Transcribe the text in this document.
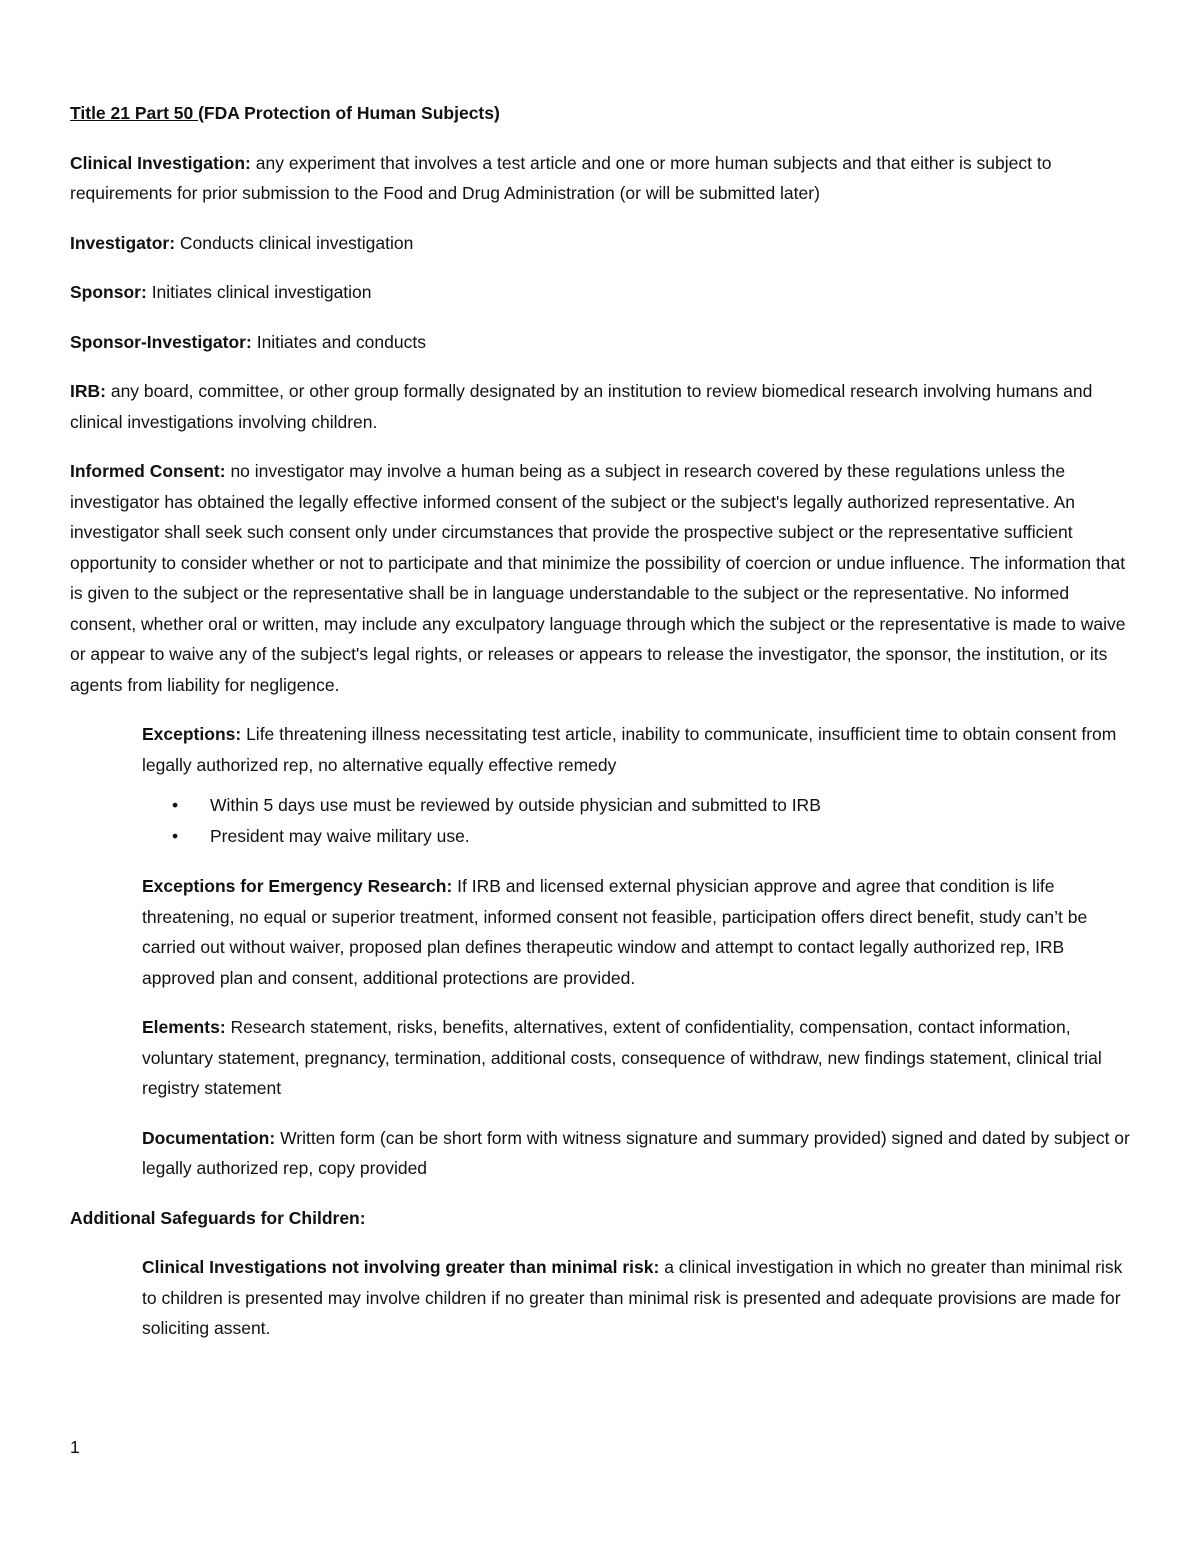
Title 21 Part 50 (FDA Protection of Human Subjects)

Clinical Investigation: any experiment that involves a test article and one or more human subjects and that either is subject to requirements for prior submission to the Food and Drug Administration (or will be submitted later)

Investigator: Conducts clinical investigation

Sponsor: Initiates clinical investigation

Sponsor-Investigator: Initiates and conducts

IRB: any board, committee, or other group formally designated by an institution to review biomedical research involving humans and clinical investigations involving children.

Informed Consent: no investigator may involve a human being as a subject in research covered by these regulations unless the investigator has obtained the legally effective informed consent of the subject or the subject's legally authorized representative. An investigator shall seek such consent only under circumstances that provide the prospective subject or the representative sufficient opportunity to consider whether or not to participate and that minimize the possibility of coercion or undue influence. The information that is given to the subject or the representative shall be in language understandable to the subject or the representative. No informed consent, whether oral or written, may include any exculpatory language through which the subject or the representative is made to waive or appear to waive any of the subject's legal rights, or releases or appears to release the investigator, the sponsor, the institution, or its agents from liability for negligence.

Exceptions: Life threatening illness necessitating test article, inability to communicate, insufficient time to obtain consent from legally authorized rep, no alternative equally effective remedy

• Within 5 days use must be reviewed by outside physician and submitted to IRB
• President may waive military use.

Exceptions for Emergency Research: If IRB and licensed external physician approve and agree that condition is life threatening, no equal or superior treatment, informed consent not feasible, participation offers direct benefit, study can’t be carried out without waiver, proposed plan defines therapeutic window and attempt to contact legally authorized rep, IRB approved plan and consent, additional protections are provided.

Elements: Research statement, risks, benefits, alternatives, extent of confidentiality, compensation, contact information, voluntary statement, pregnancy, termination, additional costs, consequence of withdraw, new findings statement, clinical trial registry statement

Documentation: Written form (can be short form with witness signature and summary provided) signed and dated by subject or legally authorized rep, copy provided

Additional Safeguards for Children:

Clinical Investigations not involving greater than minimal risk: a clinical investigation in which no greater than minimal risk to children is presented may involve children if no greater than minimal risk is presented and adequate provisions are made for soliciting assent.

1
